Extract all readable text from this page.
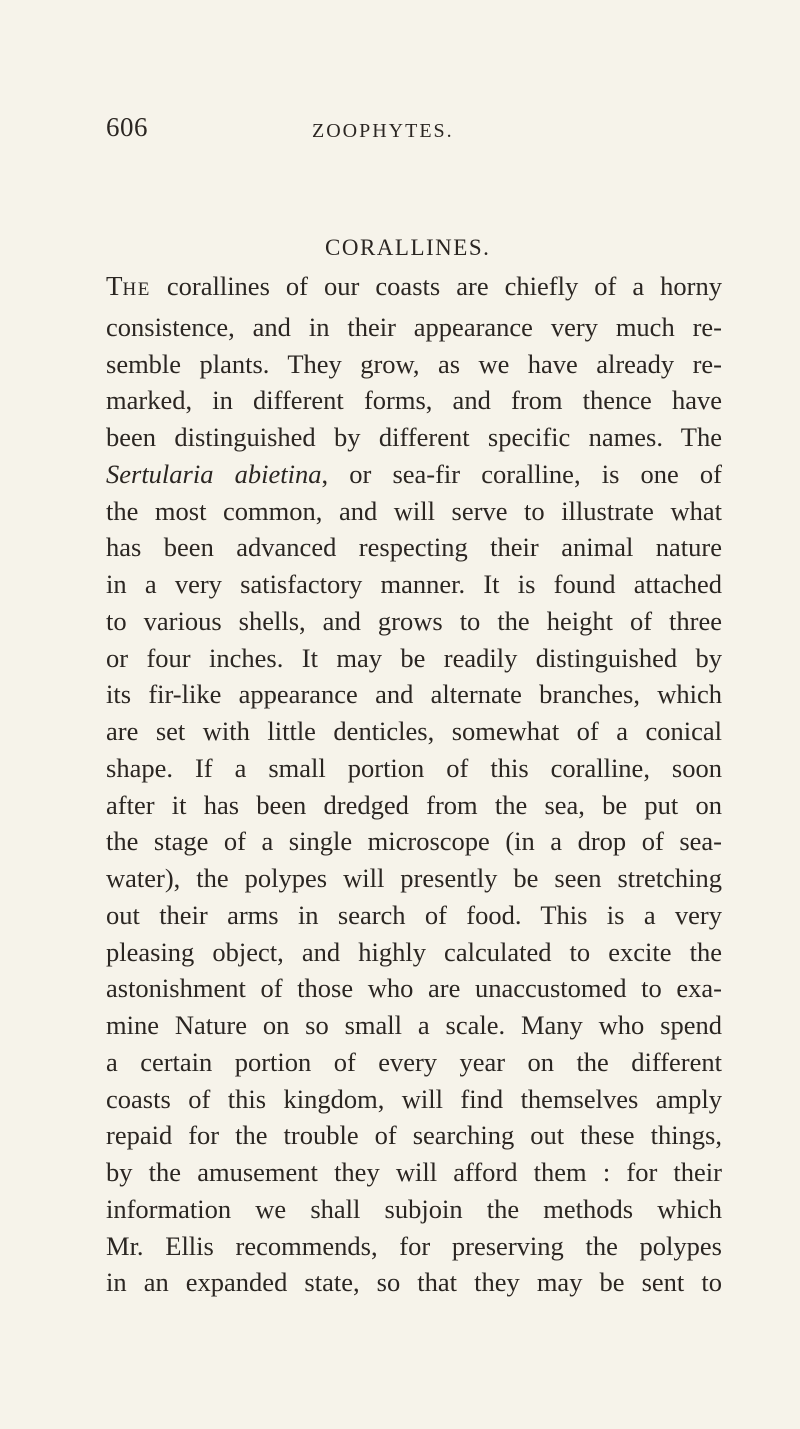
606	ZOOPHYTES.
CORALLINES.
THE corallines of our coasts are chiefly of a horny
consistence, and in their appearance very much re-
semble plants. They grow, as we have already re-
marked, in different forms, and from thence have
been distinguished by different specific names. The
Sertularia abietina, or sea-fir coralline, is one of
the most common, and will serve to illustrate what
has been advanced respecting their animal nature
in a very satisfactory manner. It is found attached
to various shells, and grows to the height of three
or four inches. It may be readily distinguished by
its fir-like appearance and alternate branches, which
are set with little denticles, somewhat of a conical
shape. If a small portion of this coralline, soon
after it has been dredged from the sea, be put on
the stage of a single microscope (in a drop of sea-
water), the polypes will presently be seen stretching
out their arms in search of food. This is a very
pleasing object, and highly calculated to excite the
astonishment of those who are unaccustomed to exa-
mine Nature on so small a scale. Many who spend
a certain portion of every year on the different
coasts of this kingdom, will find themselves amply
repaid for the trouble of searching out these things,
by the amusement they will afford them : for their
information we shall subjoin the methods which
Mr. Ellis recommends, for preserving the polypes
in an expanded state, so that they may be sent to
